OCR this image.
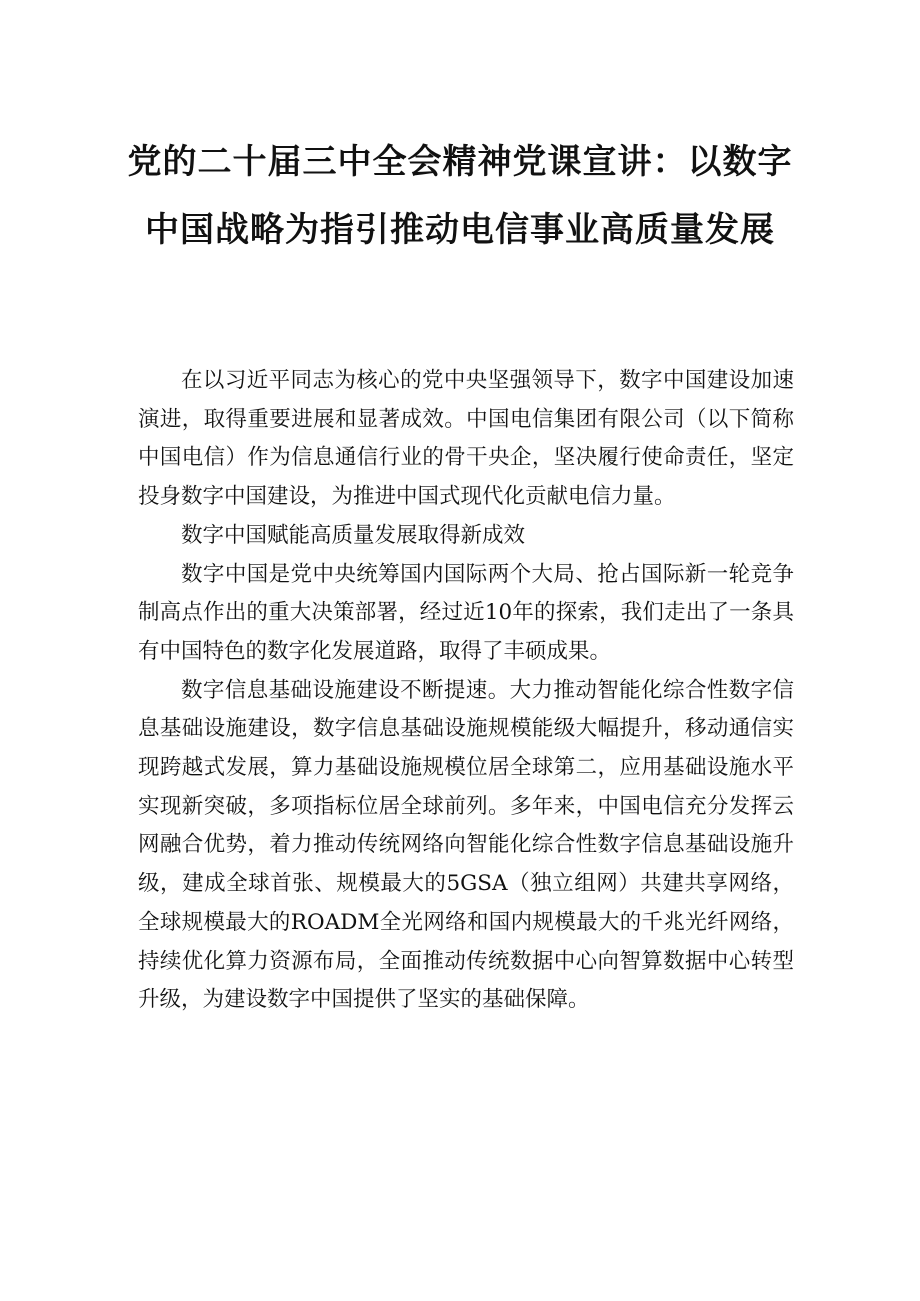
党的二十届三中全会精神党课宣讲：以数字中国战略为指引推动电信事业高质量发展

在以习近平同志为核心的党中央坚强领导下，数字中国建设加速演进，取得重要进展和显著成效。中国电信集团有限公司（以下简称中国电信）作为信息通信行业的骨干央企，坚决履行使命责任，坚定投身数字中国建设，为推进中国式现代化贡献电信力量。

数字中国赋能高质量发展取得新成效

数字中国是党中央统筹国内国际两个大局、抢占国际新一轮竞争制高点作出的重大决策部署，经过近10年的探索，我们走出了一条具有中国特色的数字化发展道路，取得了丰硕成果。

数字信息基础设施建设不断提速。大力推动智能化综合性数字信息基础设施建设，数字信息基础设施规模能级大幅提升，移动通信实现跨越式发展，算力基础设施规模位居全球第二，应用基础设施水平实现新突破，多项指标位居全球前列。多年来，中国电信充分发挥云网融合优势，着力推动传统网络向智能化综合性数字信息基础设施升级，建成全球首张、规模最大的5GSA（独立组网）共建共享网络，全球规模最大的ROADM全光网络和国内规模最大的千兆光纤网络，持续优化算力资源布局，全面推动传统数据中心向智算数据中心转型升级，为建设数字中国提供了坚实的基础保障。
